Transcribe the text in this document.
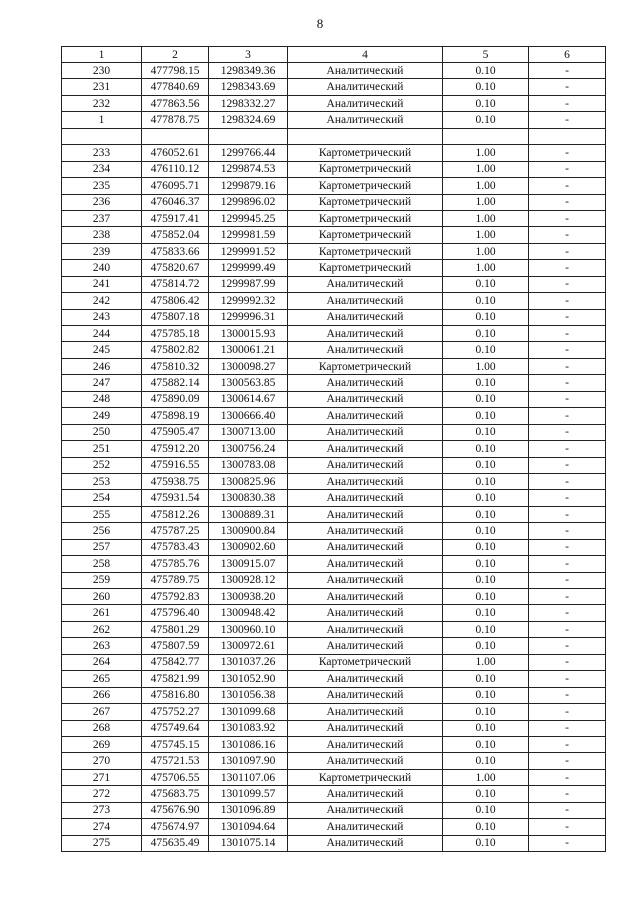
8
1	2	3	4	5	6
230	477798.15	1298349.36	Аналитический	0.10	-
231	477840.69	1298343.69	Аналитический	0.10	-
232	477863.56	1298332.27	Аналитический	0.10	-
1	477878.75	1298324.69	Аналитический	0.10	-

233	476052.61	1299766.44	Картометрический	1.00	-
234	476110.12	1299874.53	Картометрический	1.00	-
235	476095.71	1299879.16	Картометрический	1.00	-
236	476046.37	1299896.02	Картометрический	1.00	-
237	475917.41	1299945.25	Картометрический	1.00	-
238	475852.04	1299981.59	Картометрический	1.00	-
239	475833.66	1299991.52	Картометрический	1.00	-
240	475820.67	1299999.49	Картометрический	1.00	-
241	475814.72	1299987.99	Аналитический	0.10	-
242	475806.42	1299992.32	Аналитический	0.10	-
243	475807.18	1299996.31	Аналитический	0.10	-
244	475785.18	1300015.93	Аналитический	0.10	-
245	475802.82	1300061.21	Аналитический	0.10	-
246	475810.32	1300098.27	Картометрический	1.00	-
247	475882.14	1300563.85	Аналитический	0.10	-
248	475890.09	1300614.67	Аналитический	0.10	-
249	475898.19	1300666.40	Аналитический	0.10	-
250	475905.47	1300713.00	Аналитический	0.10	-
251	475912.20	1300756.24	Аналитический	0.10	-
252	475916.55	1300783.08	Аналитический	0.10	-
253	475938.75	1300825.96	Аналитический	0.10	-
254	475931.54	1300830.38	Аналитический	0.10	-
255	475812.26	1300889.31	Аналитический	0.10	-
256	475787.25	1300900.84	Аналитический	0.10	-
257	475783.43	1300902.60	Аналитический	0.10	-
258	475785.76	1300915.07	Аналитический	0.10	-
259	475789.75	1300928.12	Аналитический	0.10	-
260	475792.83	1300938.20	Аналитический	0.10	-
261	475796.40	1300948.42	Аналитический	0.10	-
262	475801.29	1300960.10	Аналитический	0.10	-
263	475807.59	1300972.61	Аналитический	0.10	-
264	475842.77	1301037.26	Картометрический	1.00	-
265	475821.99	1301052.90	Аналитический	0.10	-
266	475816.80	1301056.38	Аналитический	0.10	-
267	475752.27	1301099.68	Аналитический	0.10	-
268	475749.64	1301083.92	Аналитический	0.10	-
269	475745.15	1301086.16	Аналитический	0.10	-
270	475721.53	1301097.90	Аналитический	0.10	-
271	475706.55	1301107.06	Картометрический	1.00	-
272	475683.75	1301099.57	Аналитический	0.10	-
273	475676.90	1301096.89	Аналитический	0.10	-
274	475674.97	1301094.64	Аналитический	0.10	-
275	475635.49	1301075.14	Аналитический	0.10	-
